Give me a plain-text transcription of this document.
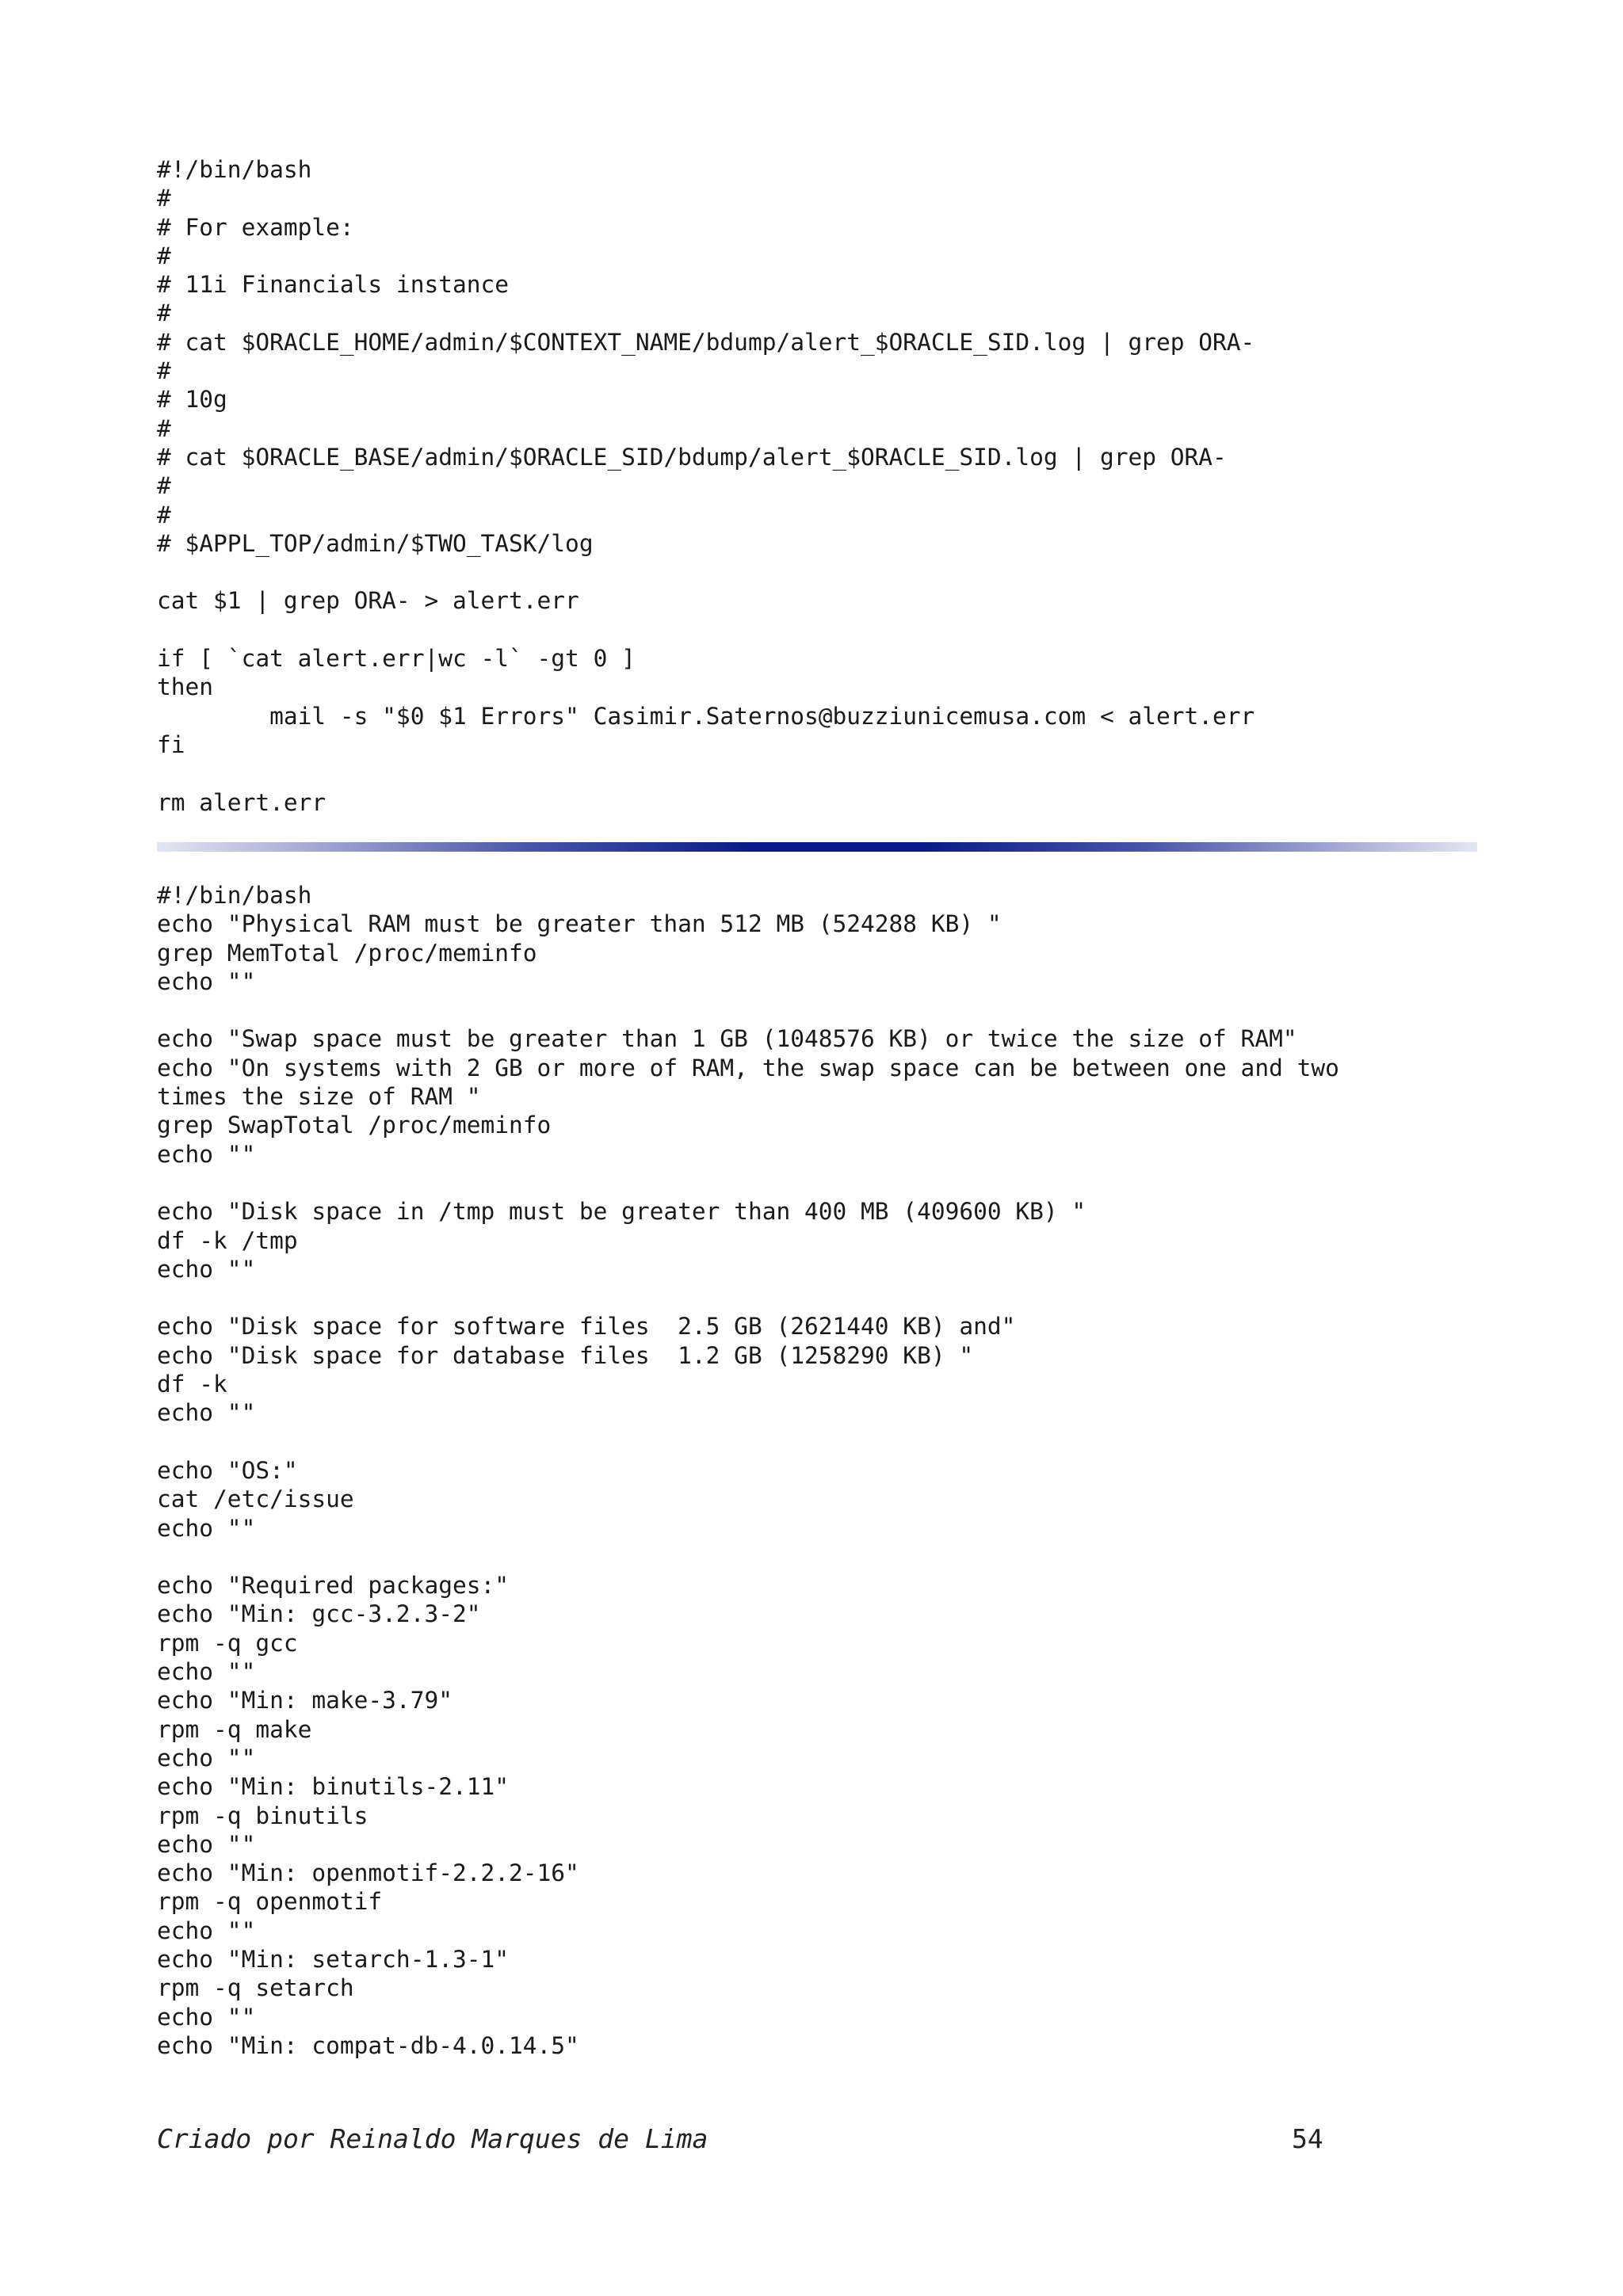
#!/bin/bash
#
# For example:
#
# 11i Financials instance
#
# cat $ORACLE_HOME/admin/$CONTEXT_NAME/bdump/alert_$ORACLE_SID.log | grep ORA-
#
# 10g
#
# cat $ORACLE_BASE/admin/$ORACLE_SID/bdump/alert_$ORACLE_SID.log | grep ORA-
#
#
# $APPL_TOP/admin/$TWO_TASK/log

cat $1 | grep ORA- > alert.err

if [ `cat alert.err|wc -l` -gt 0 ]
then
mail -s "$0 $1 Errors" Casimir.Saternos@buzziunicemusa.com < alert.err
fi

rm alert.err
#!/bin/bash
echo "Physical RAM must be greater than 512 MB (524288 KB) "
grep MemTotal /proc/meminfo
echo ""

echo "Swap space must be greater than 1 GB (1048576 KB) or twice the size of RAM"
echo "On systems with 2 GB or more of RAM, the swap space can be between one and two
times the size of RAM "
grep SwapTotal /proc/meminfo
echo ""

echo "Disk space in /tmp must be greater than 400 MB (409600 KB) "
df -k /tmp
echo ""

echo "Disk space for software files  2.5 GB (2621440 KB) and"
echo "Disk space for database files  1.2 GB (1258290 KB) "
df -k
echo ""

echo "OS:"
cat /etc/issue
echo ""

echo "Required packages:"
echo "Min: gcc-3.2.3-2"
rpm -q gcc
echo ""
echo "Min: make-3.79"
rpm -q make
echo ""
echo "Min: binutils-2.11"
rpm -q binutils
echo ""
echo "Min: openmotif-2.2.2-16"
rpm -q openmotif
echo ""
echo "Min: setarch-1.3-1"
rpm -q setarch
echo ""
echo "Min: compat-db-4.0.14.5"
Criado por Reinaldo Marques de Lima	54
